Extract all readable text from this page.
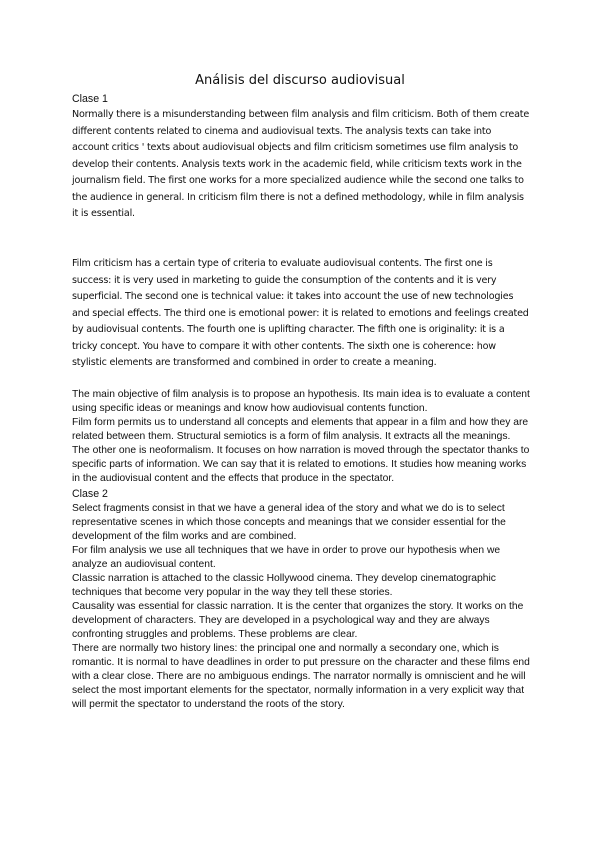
Análisis del discurso audiovisual
Clase 1

Normally there is a misunderstanding between film analysis and film criticism. Both of them create different contents related to cinema and audiovisual texts. The analysis texts can take into account critics ' texts about audiovisual objects and film criticism sometimes use film analysis to develop their contents. Analysis texts work in the academic field, while criticism texts work in the journalism field. The first one works for a more specialized audience while the second one talks to the audience in general. In criticism film there is not a defined methodology, while in film analysis it is essential.

Film criticism has a certain type of criteria to evaluate audiovisual contents. The first one is success: it is very used in marketing to guide the consumption of the contents and it is very superficial. The second one is technical value: it takes into account the use of new technologies and special effects. The third one is emotional power: it is related to emotions and feelings created by audiovisual contents. The fourth one is uplifting character. The fifth one is originality: it is a tricky concept. You have to compare it with other contents. The sixth one is coherence: how stylistic elements are transformed and combined in order to create a meaning.

The main objective of film analysis is to propose an hypothesis. Its main idea is to evaluate a content using specific ideas or meanings and know how audiovisual contents function.

Film form permits us to understand all concepts and elements that appear in a film and how they are related between them. Structural semiotics is a form of film analysis. It extracts all the meanings. The other one is neoformalism. It focuses on how narration is moved through the spectator thanks to specific parts of information. We can say that it is related to emotions. It studies how meaning works in the audiovisual content and the effects that produce in the spectator.

Clase 2

Select fragments consist in that we have a general idea of the story and what we do is to select representative scenes in which those concepts and meanings that we consider essential for the development of the film works and are combined.

For film analysis we use all techniques that we have in order to prove our hypothesis when we analyze an audiovisual content.

Classic narration is attached to the classic Hollywood cinema. They develop cinematographic techniques that become very popular in the way they tell these stories.

Causality was essential for classic narration. It is the center that organizes the story. It works on the development of characters. They are developed in a psychological way and they are always confronting struggles and problems. These problems are clear.

There are normally two history lines: the principal one and normally a secondary one, which is romantic. It is normal to have deadlines in order to put pressure on the character and these films end with a clear close. There are no ambiguous endings. The narrator normally is omniscient and he will select the most important elements for the spectator, normally information in a very explicit way that will permit the spectator to understand the roots of the story.
